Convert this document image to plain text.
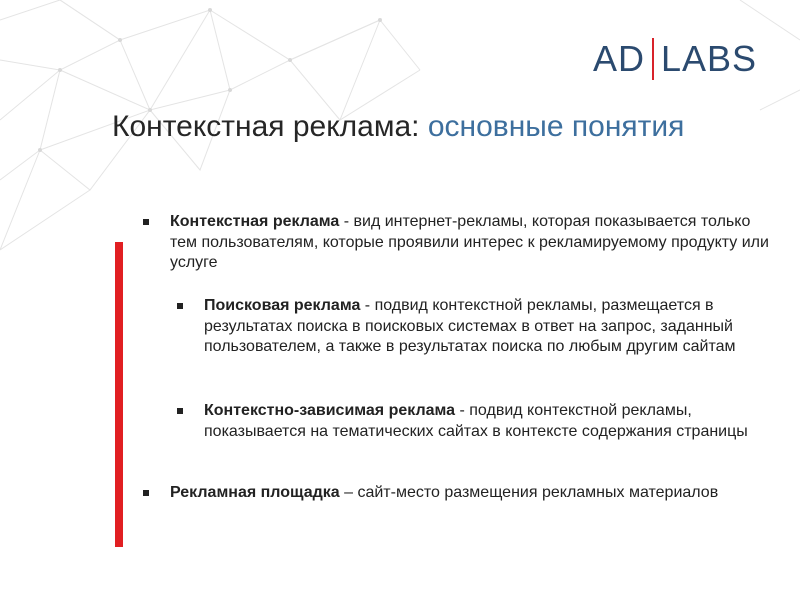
AD LABS
Контекстная реклама: основные понятия
Контекстная реклама - вид интернет-рекламы, которая показывается только тем пользователям, которые проявили интерес к рекламируемому продукту или услуге
Поисковая реклама - подвид контекстной рекламы, размещается в результатах поиска в поисковых системах в ответ на запрос, заданный пользователем, а также в результатах поиска по любым другим сайтам
Контекстно-зависимая реклама - подвид контекстной рекламы, показывается на тематических сайтах в контексте содержания страницы
Рекламная площадка – сайт-место размещения рекламных материалов
